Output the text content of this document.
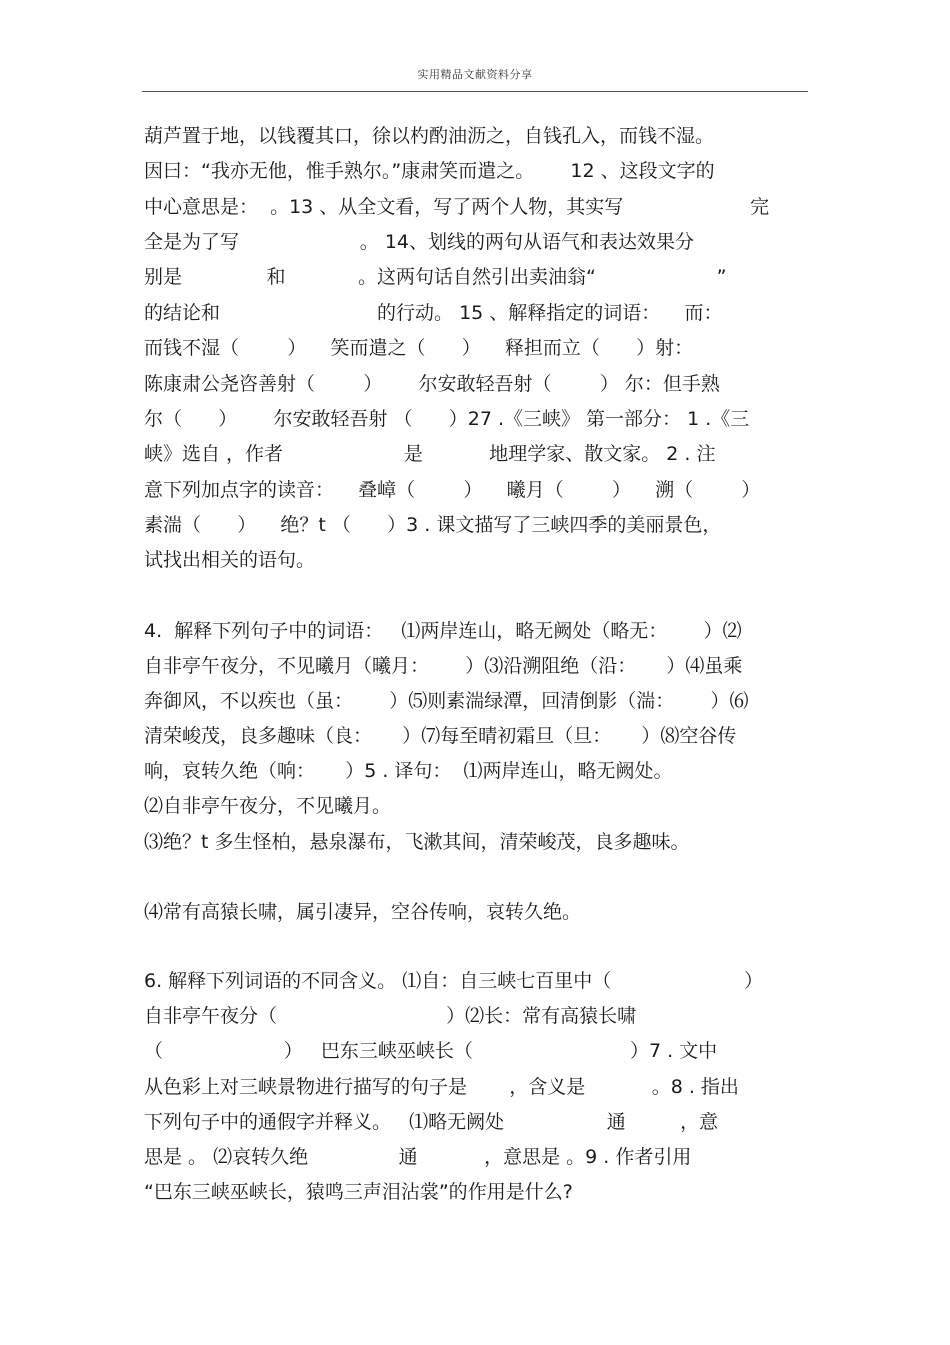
实用精品文献资料分享
葫芦置于地，以钱覆其口，徐以杓酌油沥之，自钱孔入，而钱不湿。
因曰：“我亦无他，惟手熟尔。”康肃笑而遣之。      12 、这段文字的
中心意思是：  。13 、从全文看，写了两个人物，其实写                     完
全是为了写                    。 14、划线的两句从语气和表达效果分
别是              和            。这两句话自然引出卖油翁“                    ”
的结论和                          的行动。 15 、解释指定的词语：    而：
而钱不湿（        ）    笑而遣之（      ）    释担而立（      ）射：
陈康肃公尧咨善射（        ）      尔安敢轻吾射（        ） 尔：但手熟
尔（      ）      尔安敢轻吾射 （      ）27 .《三峡》 第一部分： 1 .《三
峡》选自 ，作者                    是           地理学家、散文家。 2 . 注
意下列加点字的读音：    叠嶂（        ）    曦月（        ）    溯（        ）
素湍（      ）    绝？t （      ）3 . 课文描写了三峡四季的美丽景色，
试找出相关的语句。
4.  解释下列句子中的词语：   ⑴两岸连山，略无阙处（略无：      ）⑵
自非亭午夜分，不见曦月（曦月：      ）⑶沿溯阻绝（沿：     ）⑷虽乘
奔御风，不以疾也（虽：      ）⑸则素湍绿潭，回清倒影（湍：      ）⑹
清荣峻茂，良多趣味（良：     ）⑺每至晴初霜旦（旦：     ）⑻空谷传
响，哀转久绝（响：     ）5 . 译句：  ⑴两岸连山，略无阙处。
⑵自非亭午夜分，不见曦月。
⑶绝？t 多生怪柏，悬泉瀑布，飞漱其间，清荣峻茂，良多趣味。
⑷常有高猿长啸，属引凄异，空谷传响，哀转久绝。
6. 解释下列词语的不同含义。 ⑴自：自三峡七百里中（                      ）
自非亭午夜分（                            ）⑵长：常有高猿长啸
（                    ）   巴东三峡巫峡长（                          ）7 . 文中
从色彩上对三峡景物进行描写的句子是       ，含义是           。8 . 指出
下列句子中的通假字并释义。   ⑴略无阙处                 通         ，意
思是 。 ⑵哀转久绝               通           ，意思是 。9 . 作者引用
“巴东三峡巫峡长，猿鸣三声泪沾裳”的作用是什么?
